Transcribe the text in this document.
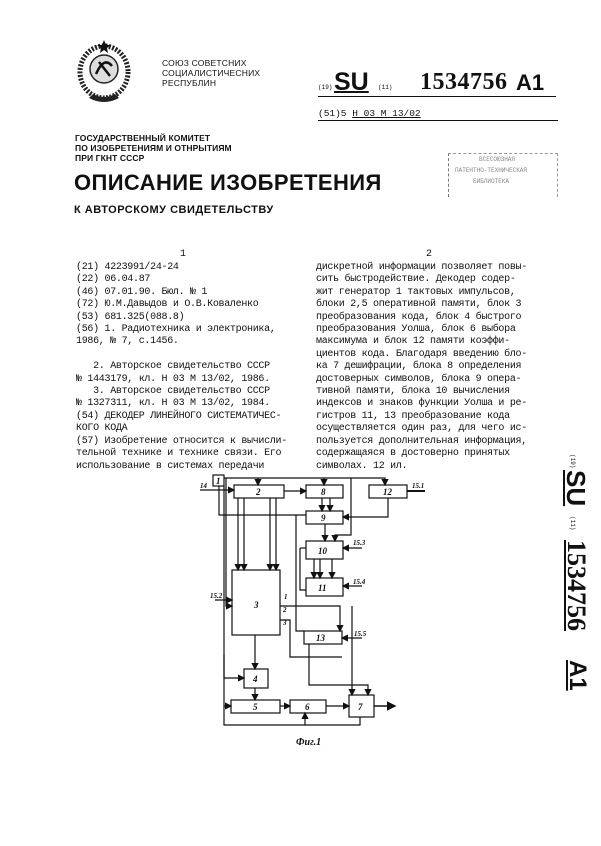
СОЮЗ СОВЕТСНИХ
СОЦИАЛИСТИЧЕСНИХ
РЕСПУБЛИН	(19) SU (11) 1534756 A1
(51)5 Н 03 М 13/02
ГОСУДАРСТВЕННЫЙ КОМИТЕТ
ПО ИЗОБРЕТЕНИЯМ И ОТНРЫТИЯМ
ПРИ ГКНТ СССР
ОПИСАНИЕ ИЗОБРЕТЕНИЯ
К АВТОРСКОМУ СВИДЕТЕЛЬСТВУ
ВСЕСОЮЗНАЯ
ПАТЕНТНО-ТЕХНИЧЕСКАЯ
БИБЛИОТЕКА
1	2
(21) 4223991/24-24
(22) 06.04.87
(46) 07.01.90. Бюл. № 1
(72) Ю.М.Давыдов и О.В.Коваленко
(53) 681.325(088.8)
(56) 1. Радиотехника и электроника,
1986, № 7, с.1456.

2. Авторское свидетельство СССР
№ 1443179, кл. Н 03 М 13/02, 1986.
3. Авторское свидетельство СССР
№ 1327311, кл. Н 03 М 13/02, 1984.
(54) ДЕКОДЕР ЛИНЕЙНОГО СИСТЕМАТИЧЕС-
КОГО КОДА
(57) Изобретение относится к вычисли-
тельной технике и технике связи. Его
использование в системах передачи
дискретной информации позволяет повы-
сить быстродействие. Декодер содер-
жит генератор 1 тактовых импульсов,
блоки 2,5 оперативной памяти, блок 3
преобразования кода, блок 4 быстрого
преобразования Уолша, блок 6 выбора
максимума и блок 12 памяти коэффи-
циентов кода. Благодаря введению бло-
ка 7 дешифрации, блока 8 определения
достоверных символов, блока 9 опера-
тивной памяти, блока 10 вычисления
индексов и знаков функции Уолша и ре-
гистров 11, 13 преобразование кода
осуществляется один раз, для чего ис-
пользуется дополнительная информация,
содержащаяся в достоверно принятых
символах. 12 ил.	(19)
SU
(11)
1534756
A1
1
2
3
4
5	6	7
8
9
10
11
12
13
14
15.2
15.3
15.4
15.5
15.1
1
2
3
Фиг.1
